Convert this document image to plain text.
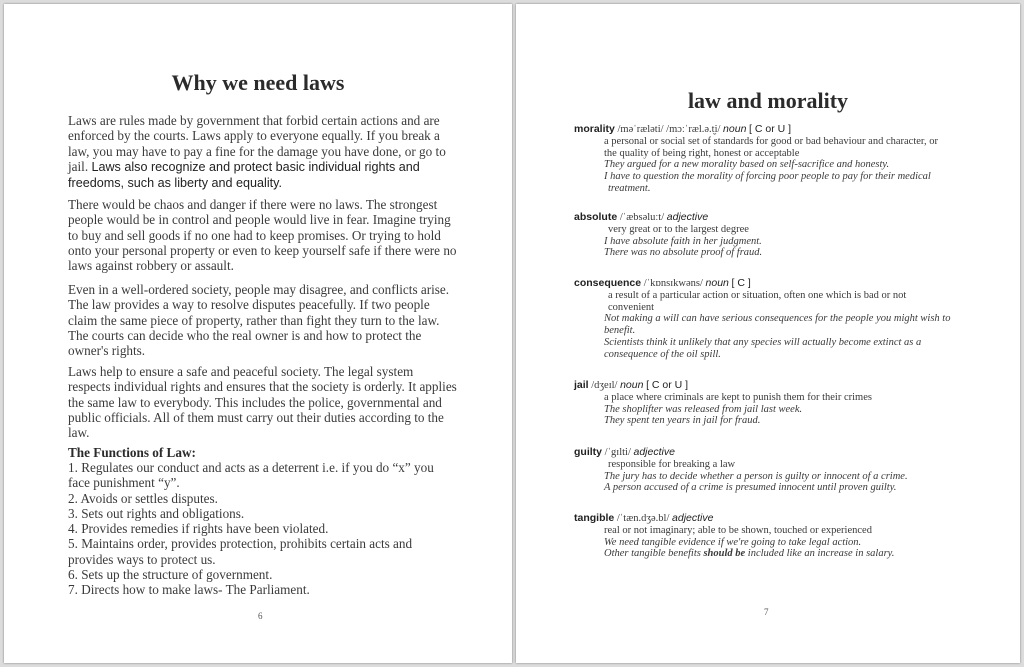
Why we need laws

Laws are rules made by government that forbid certain actions and are enforced by the courts. Laws apply to everyone equally. If you break a law, you may have to pay a fine for the damage you have done, or go to jail. Laws also recognize and protect basic individual rights and freedoms, such as liberty and equality.

There would be chaos and danger if there were no laws. The strongest people would be in control and people would live in fear. Imagine trying to buy and sell goods if no one had to keep promises. Or trying to hold onto your personal property or even to keep yourself safe if there were no laws against robbery or assault.

Even in a well-ordered society, people may disagree, and conflicts arise. The law provides a way to resolve disputes peacefully. If two people claim the same piece of property, rather than fight they turn to the law. The courts can decide who the real owner is and how to protect the owner's rights.

Laws help to ensure a safe and peaceful society. The legal system respects individual rights and ensures that the society is orderly. It applies the same law to everybody. This includes the police, governmental and public officials. All of them must carry out their duties according to the law.

The Functions of Law:
1. Regulates our conduct and acts as a deterrent i.e. if you do “x” you face punishment “y”.
2. Avoids or settles disputes.
3. Sets out rights and obligations.
4. Provides remedies if rights have been violated.
5. Maintains order, provides protection, prohibits certain acts and provides ways to protect us.
6. Sets up the structure of government.
7. Directs how to make laws- The Parliament.
6
law and morality
7
morality /məˈræləti/ /mɔːˈræl.ə.t̬i/ noun [ C or U ]
a personal or social set of standards for good or bad behaviour and character, or
the quality of being right, honest or acceptable
They argued for a new morality based on self-sacrifice and honesty.
I have to question the morality of forcing poor people to pay for their medical
treatment.
absolute /ˈæbsəluːt/ adjective
very great or to the largest degree
I have absolute faith in her judgment.
There was no absolute proof of fraud.
consequence /ˈkɒnsɪkwəns/ noun [ C ]
a result of a particular action or situation, often one which is bad or not
convenient
Not making a will can have serious consequences for the people you might wish to
benefit.
Scientists think it unlikely that any species will actually become extinct as a
consequence of the oil spill.
jail /dʒeɪl/ noun [ C or U ]
a place where criminals are kept to punish them for their crimes
The shoplifter was released from jail last week.
They spent ten years in jail for fraud.
guilty /ˈgɪlti/ adjective
responsible for breaking a law
The jury has to decide whether a person is guilty or innocent of a crime.
A person accused of a crime is presumed innocent until proven guilty.
tangible /ˈtæn.dʒə.bl/ adjective
real or not imaginary; able to be shown, touched or experienced
We need tangible evidence if we're going to take legal action.
Other tangible benefits should be included like an increase in salary.
